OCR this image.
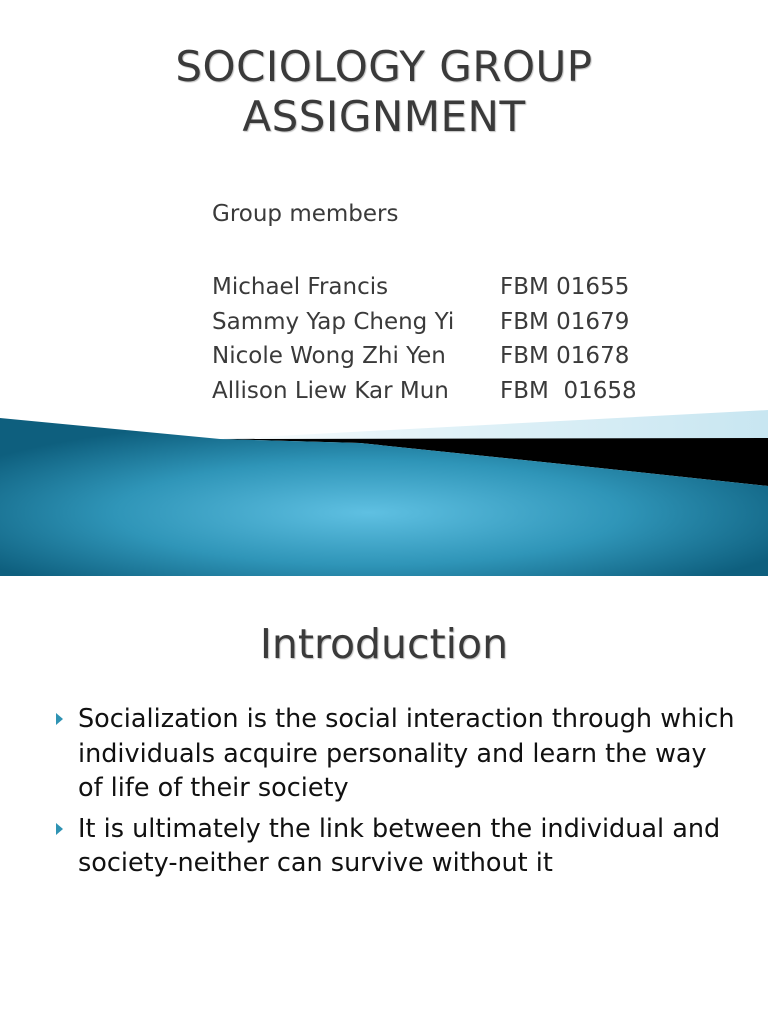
SOCIOLOGY GROUP
ASSIGNMENT
Group members
Michael Francis	FBM 01655
Sammy Yap Cheng Yi	FBM 01679
Nicole Wong Zhi Yen	FBM 01678
Allison Liew Kar Mun	FBM  01658
Introduction
Socialization is the social interaction through which individuals acquire personality and learn the way of life of their society
It is ultimately the link between the individual and society-neither can survive without it
